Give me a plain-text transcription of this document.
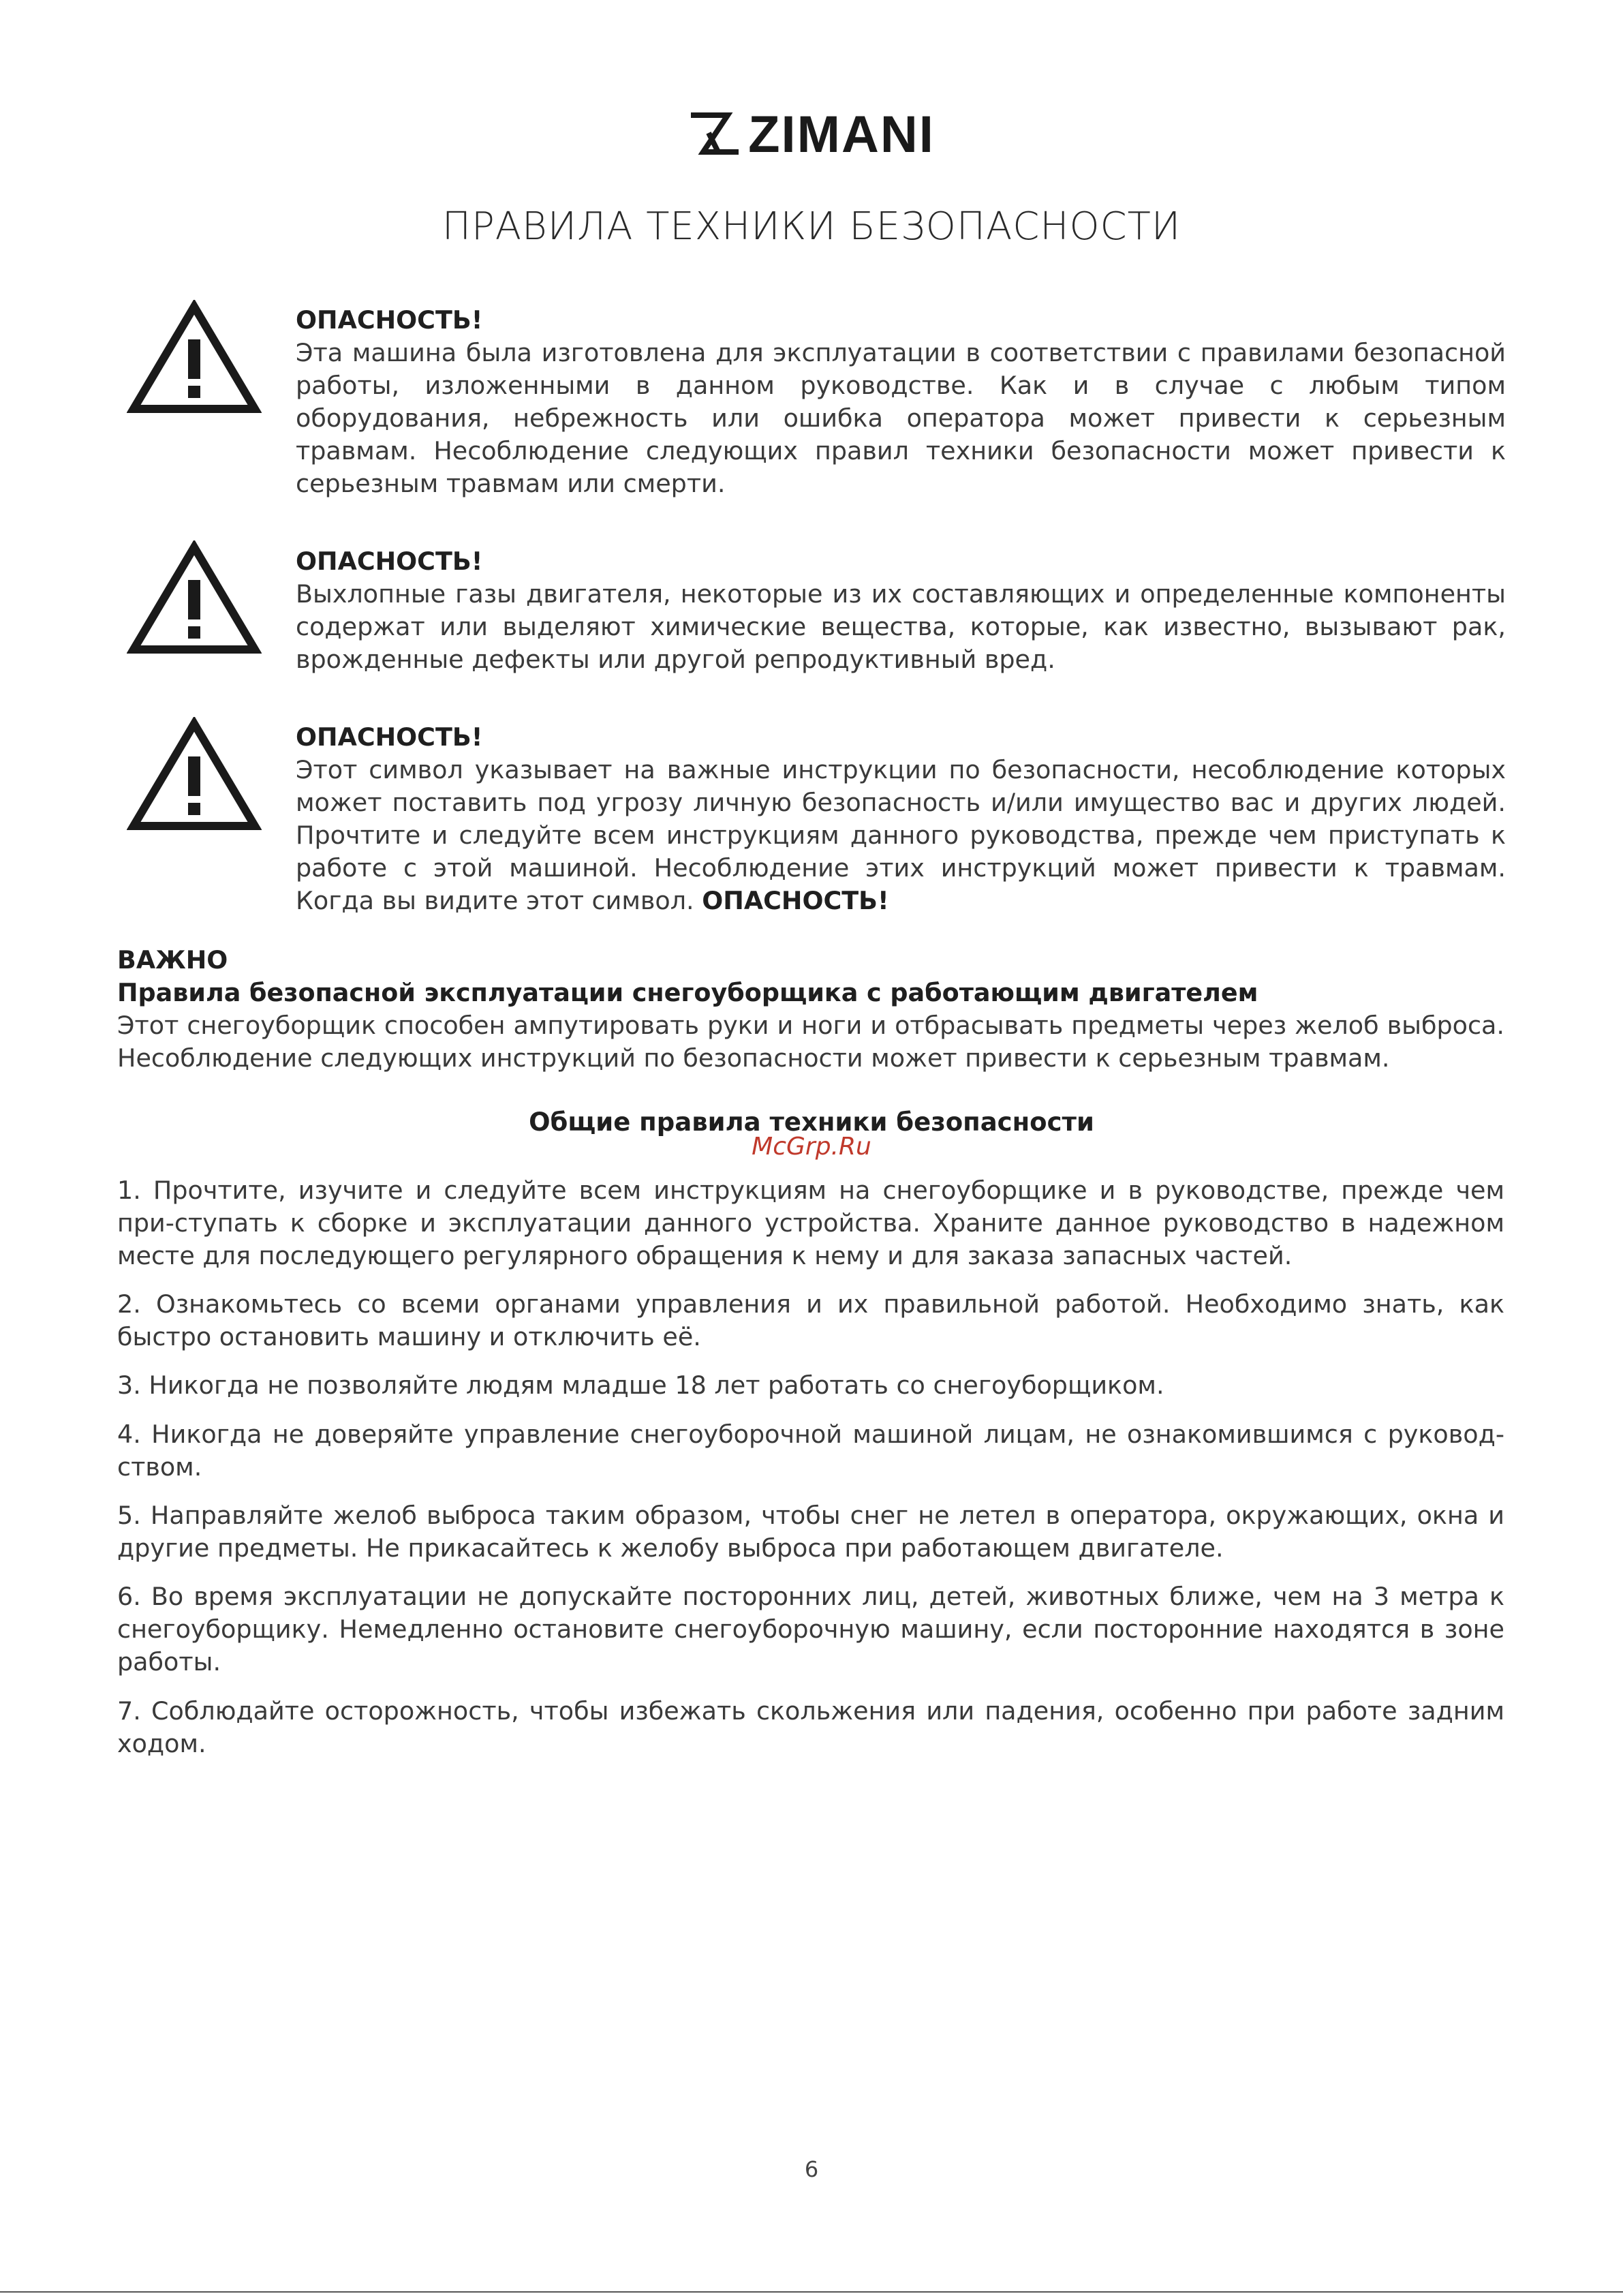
ZIMANI
ПРАВИЛА ТЕХНИКИ БЕЗОПАСНОСТИ
ОПАСНОСТЬ!
Эта машина была изготовлена для эксплуатации в соответствии с правилами безопасной работы, изложенными в данном руководстве. Как и в случае с любым типом оборудования, небрежность или ошибка оператора может привести к серьезным травмам. Несоблюдение следующих правил техники безопасности может привести к серьезным травмам или смерти.
ОПАСНОСТЬ!
Выхлопные газы двигателя, некоторые из их составляющих и определенные компоненты содержат или выделяют химические вещества, которые, как известно, вызывают рак, врожденные дефекты или другой репродуктивный вред.
ОПАСНОСТЬ!
Этот символ указывает на важные инструкции по безопасности, несоблюдение которых может поставить под угрозу личную безопасность и/или имущество вас и других людей. Прочтите и следуйте всем инструкциям данного руководства, прежде чем приступать к работе с этой машиной. Несоблюдение этих инструкций может привести к травмам. Когда вы видите этот символ. ОПАСНОСТЬ!
ВАЖНО
Правила безопасной эксплуатации снегоуборщика с работающим двигателем
Этот снегоуборщик способен ампутировать руки и ноги и отбрасывать предметы через желоб выброса. Несоблюдение следующих инструкций по безопасности может привести к серьезным травмам.
Общие правила техники безопасности
McGrp.Ru
1. Прочтите, изучите и следуйте всем инструкциям на снегоуборщике и в руководстве, прежде чем при-ступать к сборке и эксплуатации данного устройства. Храните данное руководство в надежном месте для последующего регулярного обращения к нему и для заказа запасных частей.
2. Ознакомьтесь со всеми органами управления и их правильной работой. Необходимо знать, как быстро остановить машину и отключить её.
3. Никогда не позволяйте людям младше 18 лет работать со снегоуборщиком.
4. Никогда не доверяйте управление снегоуборочной машиной лицам, не ознакомившимся с руковод-ством.
5. Направляйте желоб выброса таким образом, чтобы снег не летел в оператора, окружающих, окна и другие предметы. Не прикасайтесь к желобу выброса при работающем двигателе.
6. Во время эксплуатации не допускайте посторонних лиц, детей, животных ближе, чем на 3 метра к снегоуборщику. Немедленно остановите снегоуборочную машину, если посторонние находятся в зоне работы.
7. Соблюдайте осторожность, чтобы избежать скольжения или падения, особенно при работе задним ходом.
6
